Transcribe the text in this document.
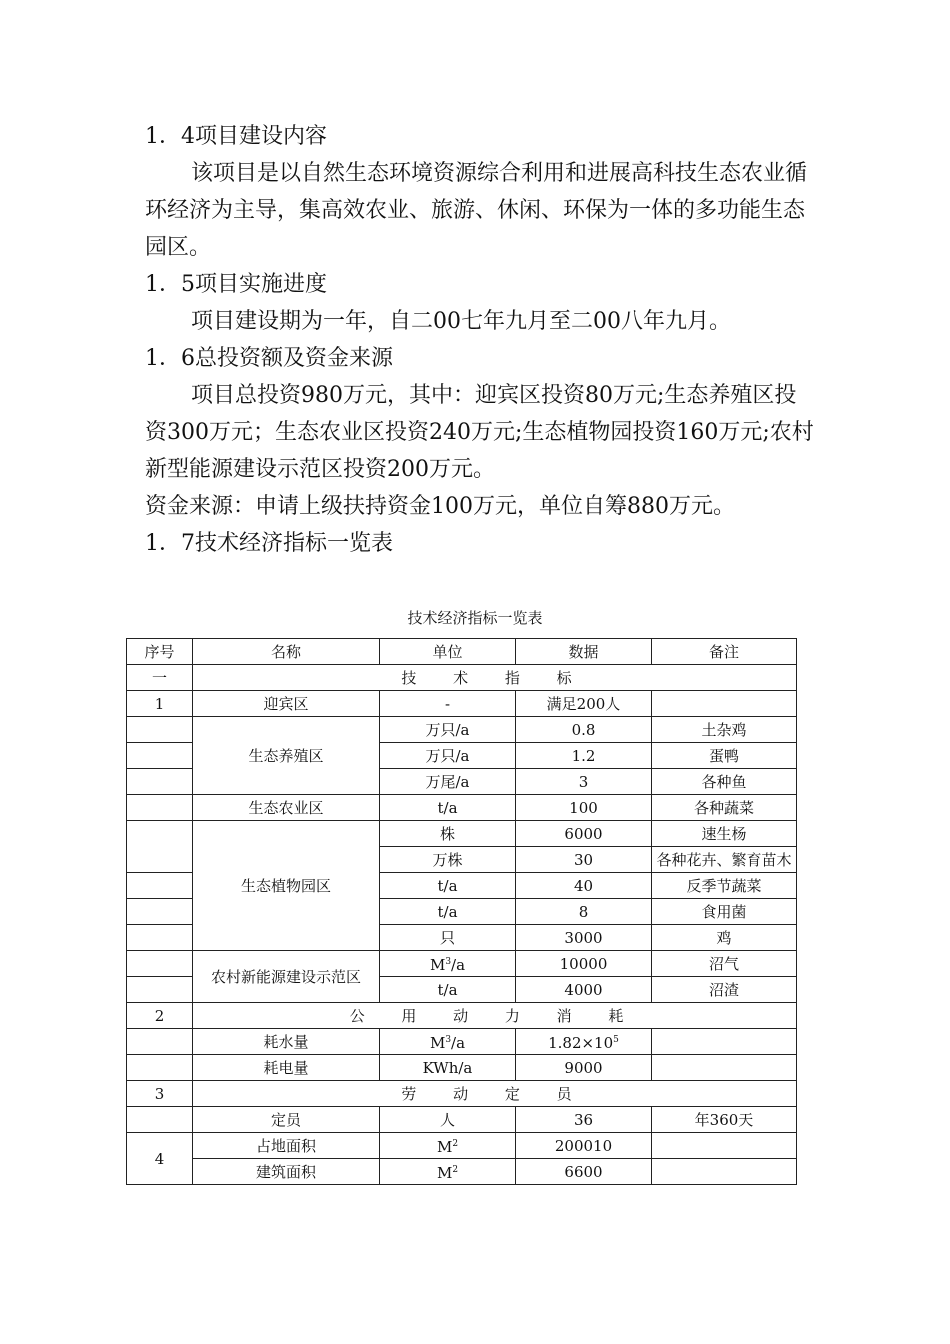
1．4项目建设内容

该项目是以自然生态环境资源综合利用和进展高科技生态农业循环经济为主导，集高效农业、旅游、休闲、环保为一体的多功能生态园区。

1．5项目实施进度

项目建设期为一年，自二00七年九月至二00八年九月。

1．6总投资额及资金来源

项目总投资980万元，其中：迎宾区投资80万元;生态养殖区投资300万元；生态农业区投资240万元;生态植物园投资160万元;农村新型能源建设示范区投资200万元。

资金来源：申请上级扶持资金100万元，单位自筹880万元。

1．7技术经济指标一览表

技术经济指标一览表
序号	名称	单位	数据	备注
一	技 术 指 标			
1	迎宾区	-	满足200人	
	生态养殖区	万只/a	0.8	土杂鸡
		万只/a	1.2	蛋鸭
		万尾/a	3	各种鱼
	生态农业区	t/a	100	各种蔬菜
	生态植物园区	株	6000	速生杨
		万株	30	各种花卉、繁育苗木
		t/a	40	反季节蔬菜
		t/a	8	食用菌
		只	3000	鸡
	农村新能源建设示范区	$M^3/a$	10000	沼气
		t/a	4000	沼渣
2	公 用 动 力 消 耗			
	耗水量	$M^3/a$	$1.82\times 10^5$	
	耗电量	KWh/a	9000	
3	劳 动 定 员			
	定员	人	36	年360天
4	占地面积	$M^2$	200010	
	建筑面积	$M^2$	6600	
